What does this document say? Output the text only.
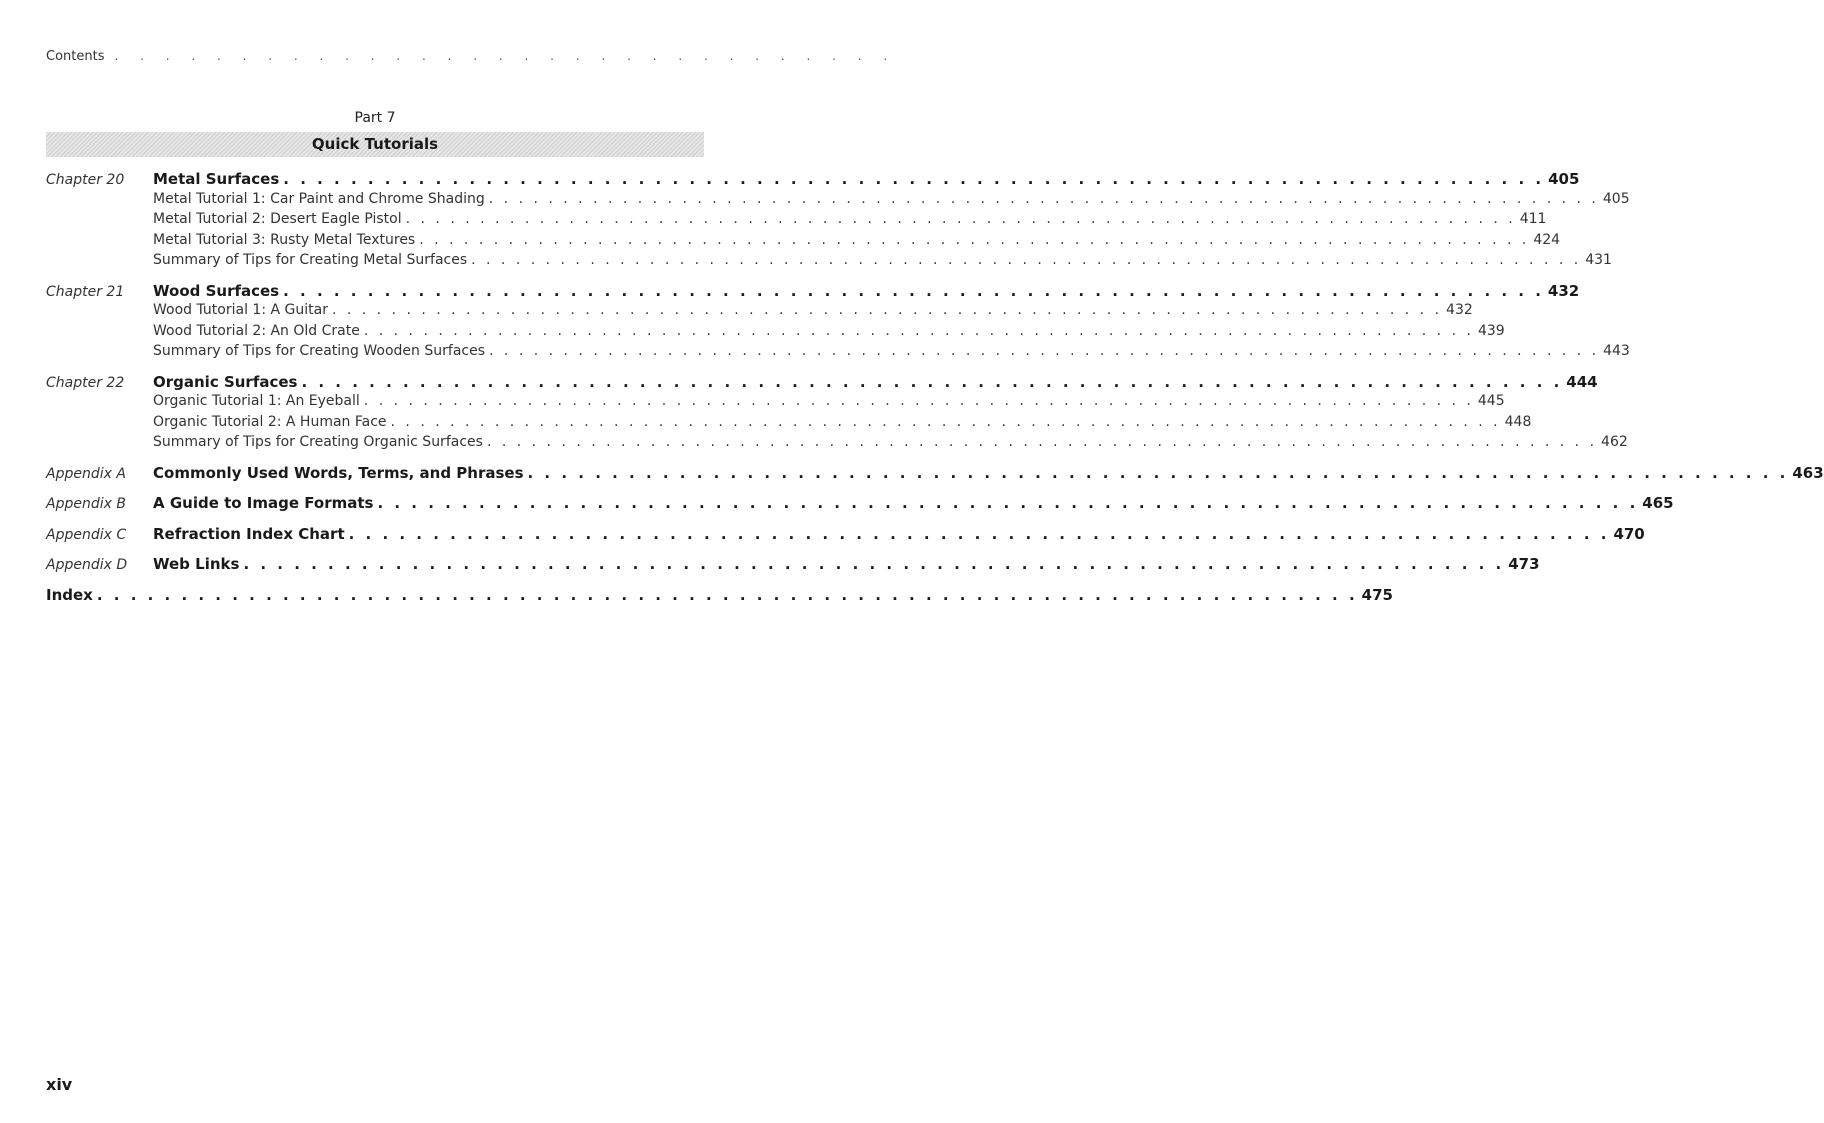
Contents . . . . . . . . . . . . . . . . . . . . . . . . . . . . . . .
Part 7
Quick Tutorials
Chapter 20	Metal Surfaces . . .	405
Metal Tutorial 1: Car Paint and Chrome Shading . . .	405
Metal Tutorial 2: Desert Eagle Pistol . . .	411
Metal Tutorial 3: Rusty Metal Textures . . .	424
Summary of Tips for Creating Metal Surfaces . . .	431
Chapter 21	Wood Surfaces . . .	432
Wood Tutorial 1: A Guitar . . .	432
Wood Tutorial 2: An Old Crate . . .	439
Summary of Tips for Creating Wooden Surfaces . . .	443
Chapter 22	Organic Surfaces . . .	444
Organic Tutorial 1: An Eyeball . . .	445
Organic Tutorial 2: A Human Face . . .	448
Summary of Tips for Creating Organic Surfaces . . .	462
Appendix A	Commonly Used Words, Terms, and Phrases . . .	463
Appendix B	A Guide to Image Formats . . .	465
Appendix C	Refraction Index Chart . . .	470
Appendix D	Web Links . . .	473
Index . . .	475
xiv
